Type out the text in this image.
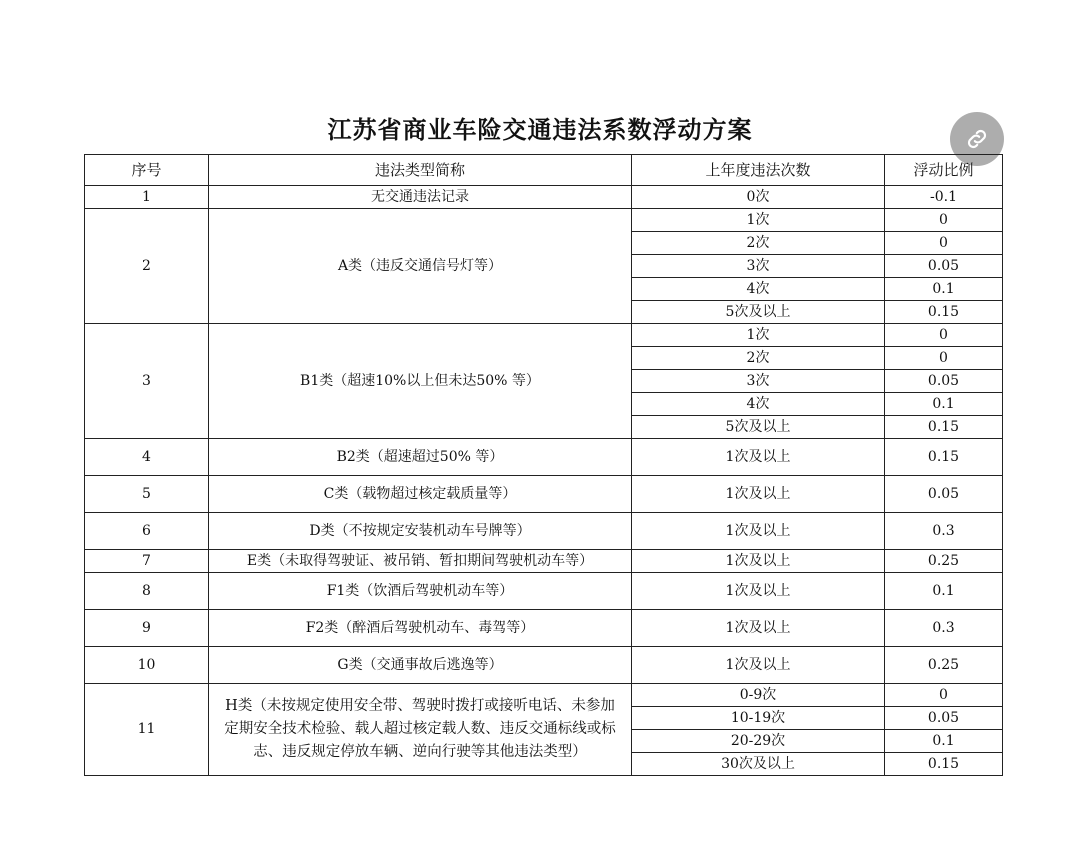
江苏省商业车险交通违法系数浮动方案
序号	违法类型简称	上年度违法次数	浮动比例
1	无交通违法记录	0次	-0.1
2	A类（违反交通信号灯等）	1次	0
		2次	0
		3次	0.05
		4次	0.1
		5次及以上	0.15
3	B1类（超速10%以上但未达50% 等）	1次	0
		2次	0
		3次	0.05
		4次	0.1
		5次及以上	0.15
4	B2类（超速超过50% 等）	1次及以上	0.15
5	C类（载物超过核定载质量等）	1次及以上	0.05
6	D类（不按规定安装机动车号牌等）	1次及以上	0.3
7	E类（未取得驾驶证、被吊销、暂扣期间驾驶机动车等）	1次及以上	0.25
8	F1类（饮酒后驾驶机动车等）	1次及以上	0.1
9	F2类（醉酒后驾驶机动车、毒驾等）	1次及以上	0.3
10	G类（交通事故后逃逸等）	1次及以上	0.25
11	H类（未按规定使用安全带、驾驶时拨打或接听电话、未参加定期安全技术检验、载人超过核定载人数、违反交通标线或标志、违反规定停放车辆、逆向行驶等其他违法类型）	0-9次	0
		10-19次	0.05
		20-29次	0.1
		30次及以上	0.15
